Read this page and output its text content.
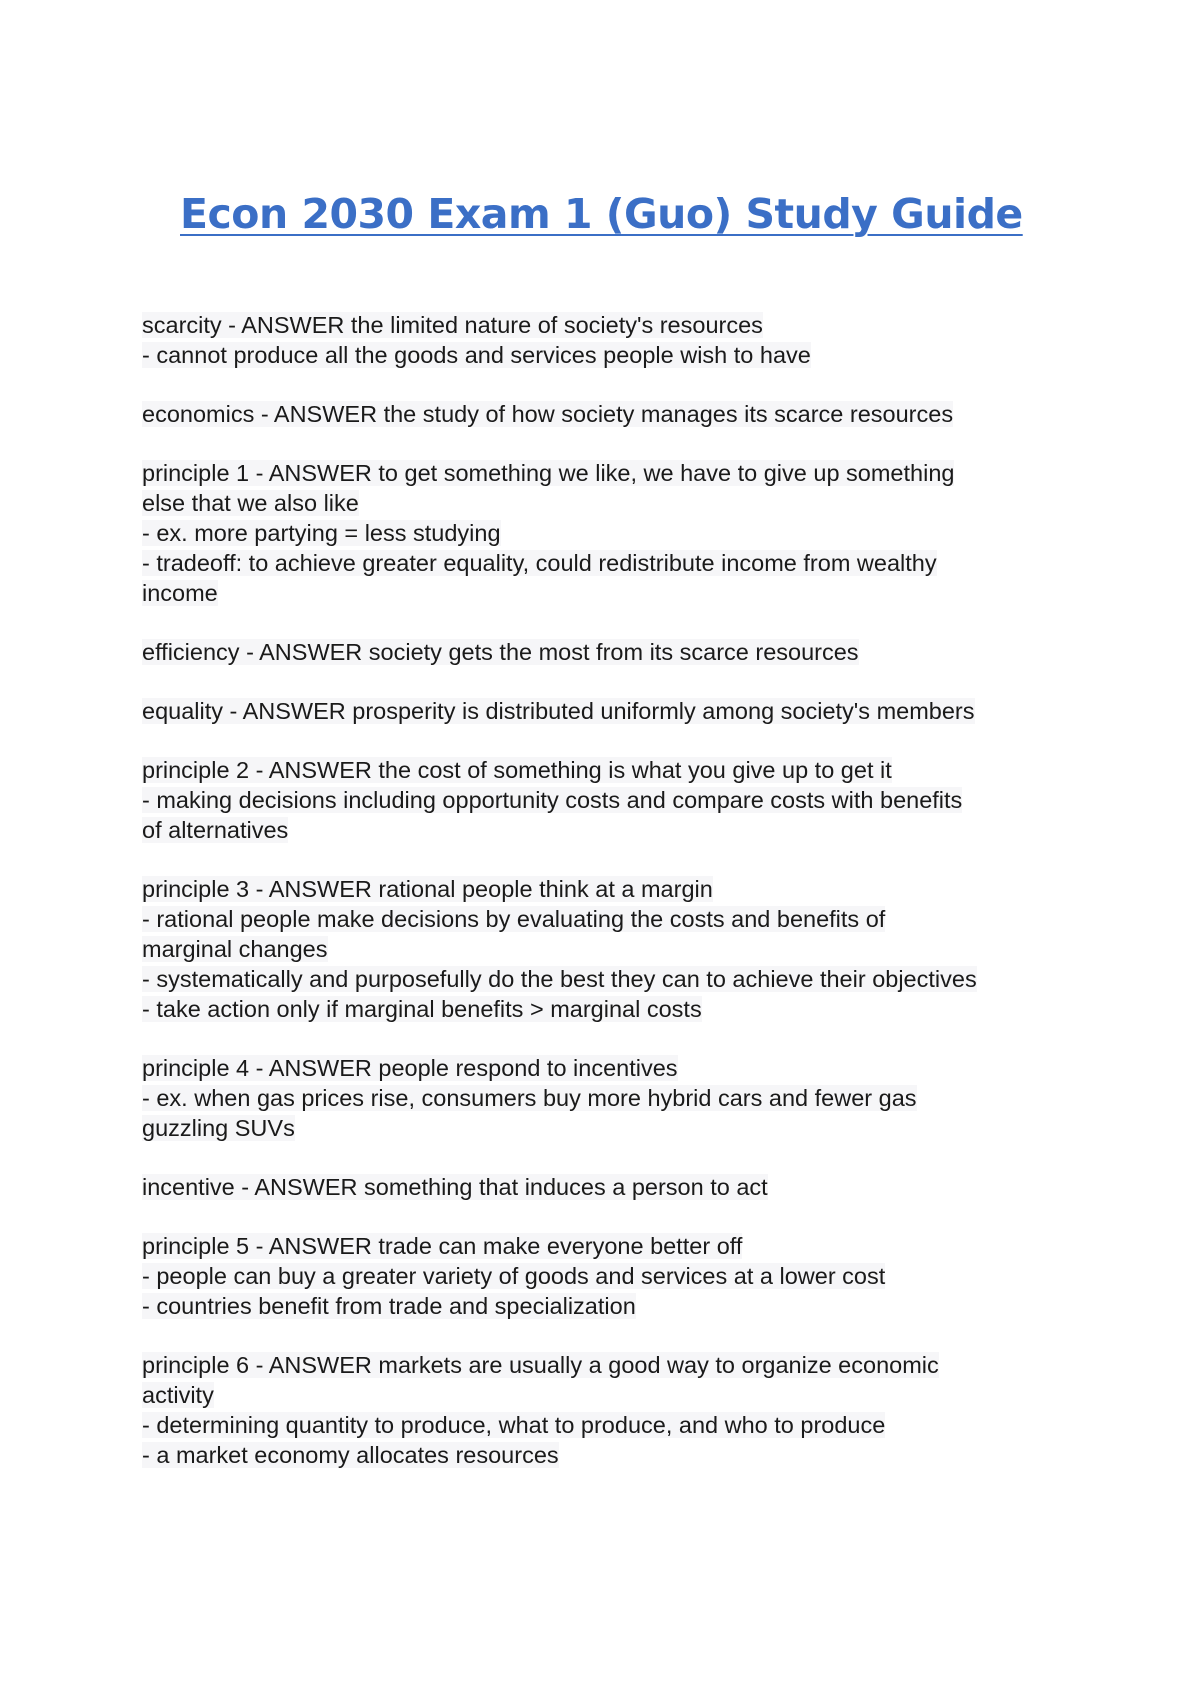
Econ 2030 Exam 1 (Guo) Study Guide
scarcity - ANSWER the limited nature of society's resources
- cannot produce all the goods and services people wish to have
economics - ANSWER the study of how society manages its scarce resources
principle 1 - ANSWER to get something we like, we have to give up something
else that we also like
- ex. more partying = less studying
- tradeoff: to achieve greater equality, could redistribute income from wealthy
income
efficiency - ANSWER society gets the most from its scarce resources
equality - ANSWER prosperity is distributed uniformly among society's members
principle 2 - ANSWER the cost of something is what you give up to get it
- making decisions including opportunity costs and compare costs with benefits
of alternatives
principle 3 - ANSWER rational people think at a margin
- rational people make decisions by evaluating the costs and benefits of
marginal changes
- systematically and purposefully do the best they can to achieve their objectives
- take action only if marginal benefits > marginal costs
principle 4 - ANSWER people respond to incentives
- ex. when gas prices rise, consumers buy more hybrid cars and fewer gas
guzzling SUVs
incentive - ANSWER something that induces a person to act
principle 5 - ANSWER trade can make everyone better off
- people can buy a greater variety of goods and services at a lower cost
- countries benefit from trade and specialization
principle 6 - ANSWER markets are usually a good way to organize economic
activity
- determining quantity to produce, what to produce, and who to produce
- a market economy allocates resources
